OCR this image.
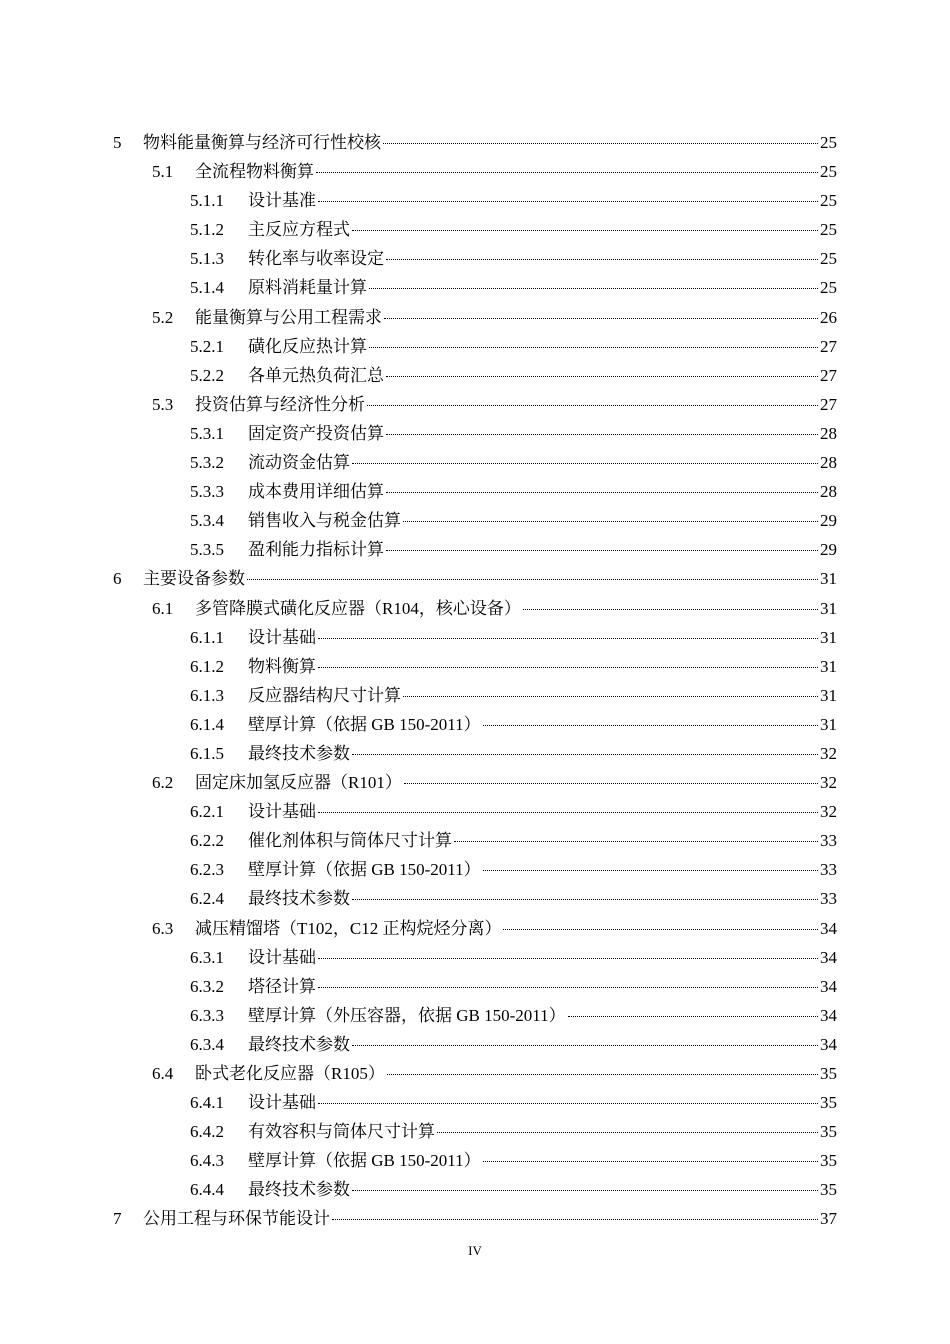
5	物料能量衡算与经济可行性校核	25
5.1	全流程物料衡算	25
5.1.1	设计基准	25
5.1.2	主反应方程式	25
5.1.3	转化率与收率设定	25
5.1.4	原料消耗量计算	25
5.2	能量衡算与公用工程需求	26
5.2.1	磺化反应热计算	27
5.2.2	各单元热负荷汇总	27
5.3	投资估算与经济性分析	27
5.3.1	固定资产投资估算	28
5.3.2	流动资金估算	28
5.3.3	成本费用详细估算	28
5.3.4	销售收入与税金估算	29
5.3.5	盈利能力指标计算	29
6	主要设备参数	31
6.1	多管降膜式磺化反应器（R104，核心设备）	31
6.1.1	设计基础	31
6.1.2	物料衡算	31
6.1.3	反应器结构尺寸计算	31
6.1.4	壁厚计算（依据 GB 150-2011）	31
6.1.5	最终技术参数	32
6.2	固定床加氢反应器（R101）	32
6.2.1	设计基础	32
6.2.2	催化剂体积与筒体尺寸计算	33
6.2.3	壁厚计算（依据 GB 150-2011）	33
6.2.4	最终技术参数	33
6.3	减压精馏塔（T102，C12 正构烷烃分离）	34
6.3.1	设计基础	34
6.3.2	塔径计算	34
6.3.3	壁厚计算（外压容器，依据 GB 150-2011）	34
6.3.4	最终技术参数	34
6.4	卧式老化反应器（R105）	35
6.4.1	设计基础	35
6.4.2	有效容积与筒体尺寸计算	35
6.4.3	壁厚计算（依据 GB 150-2011）	35
6.4.4	最终技术参数	35
7	公用工程与环保节能设计	37
IV
